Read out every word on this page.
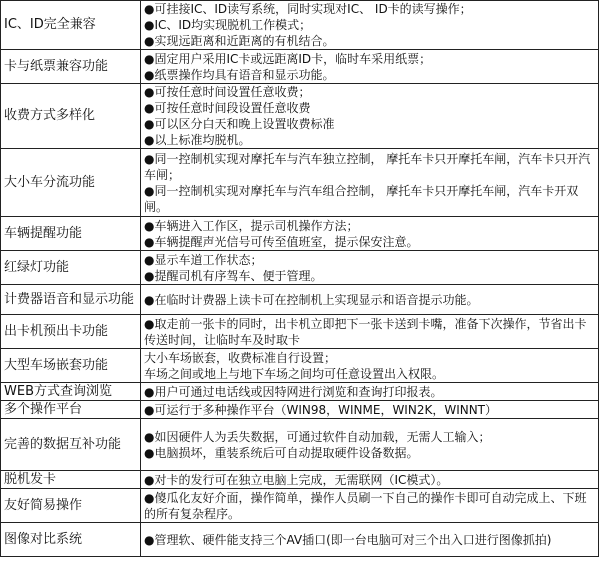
IC、ID完全兼容	●可挂接IC、ID读写系统，同时实现对IC、 ID卡的读写操作；
●IC、ID均实现脱机工作模式；
●实现远距离和近距离的有机结合。

卡与纸票兼容功能	●固定用户采用IC卡或远距离ID卡，临时车采用纸票；
●纸票操作均具有语音和显示功能。

收费方式多样化	●可按任意时间设置任意收费；
●可按任意时间段设置任意收费
●可以区分白天和晚上设置收费标准
●以上标准均脱机。

大小车分流功能	●同一控制机实现对摩托车与汽车独立控制， 摩托车卡只开摩托车闸，汽车卡只开汽车闸；
●同一控制机实现对摩托车与汽车组合控制， 摩托车卡只开摩托车闸，汽车卡开双闸。

车辆提醒功能	●车辆进入工作区，提示司机操作方法；
●车辆提醒声光信号可传至值班室，提示保安注意。

红绿灯功能	●显示车道工作状态；
●提醒司机有序驾车、便于管理。

计费器语音和显示功能	●在临时计费器上读卡可在控制机上实现显示和语音提示功能。

出卡机预出卡功能	●取走前一张卡的同时，出卡机立即把下一张卡送到卡嘴，准备下次操作，节省出卡传送时间，让临时车及时取卡

大型车场嵌套功能	大小车场嵌套，收费标准自行设置；
车场之间或地上与地下车场之间均可任意设置出入权限。

WEB方式查询浏览	●用户可通过电话线或因特网进行浏览和查询打印报表。

多个操作平台	●可运行于多种操作平台（WIN98，WINME，WIN2K，WINNT）

完善的数据互补功能	●如因硬件人为丢失数据，可通过软件自动加载，无需人工输入；
●电脑损坏，重装系统后可自动提取硬件设备数据。

脱机发卡	●对卡的发行可在独立电脑上完成，无需联网（IC模式）。

友好简易操作	●傻瓜化友好介面，操作简单，操作人员刷一下自己的操作卡即可自动完成上、下班的所有复杂程序。

图像对比系统	●管理软、硬件能支持三个AV插口(即一台电脑可对三个出入口进行图像抓拍)
